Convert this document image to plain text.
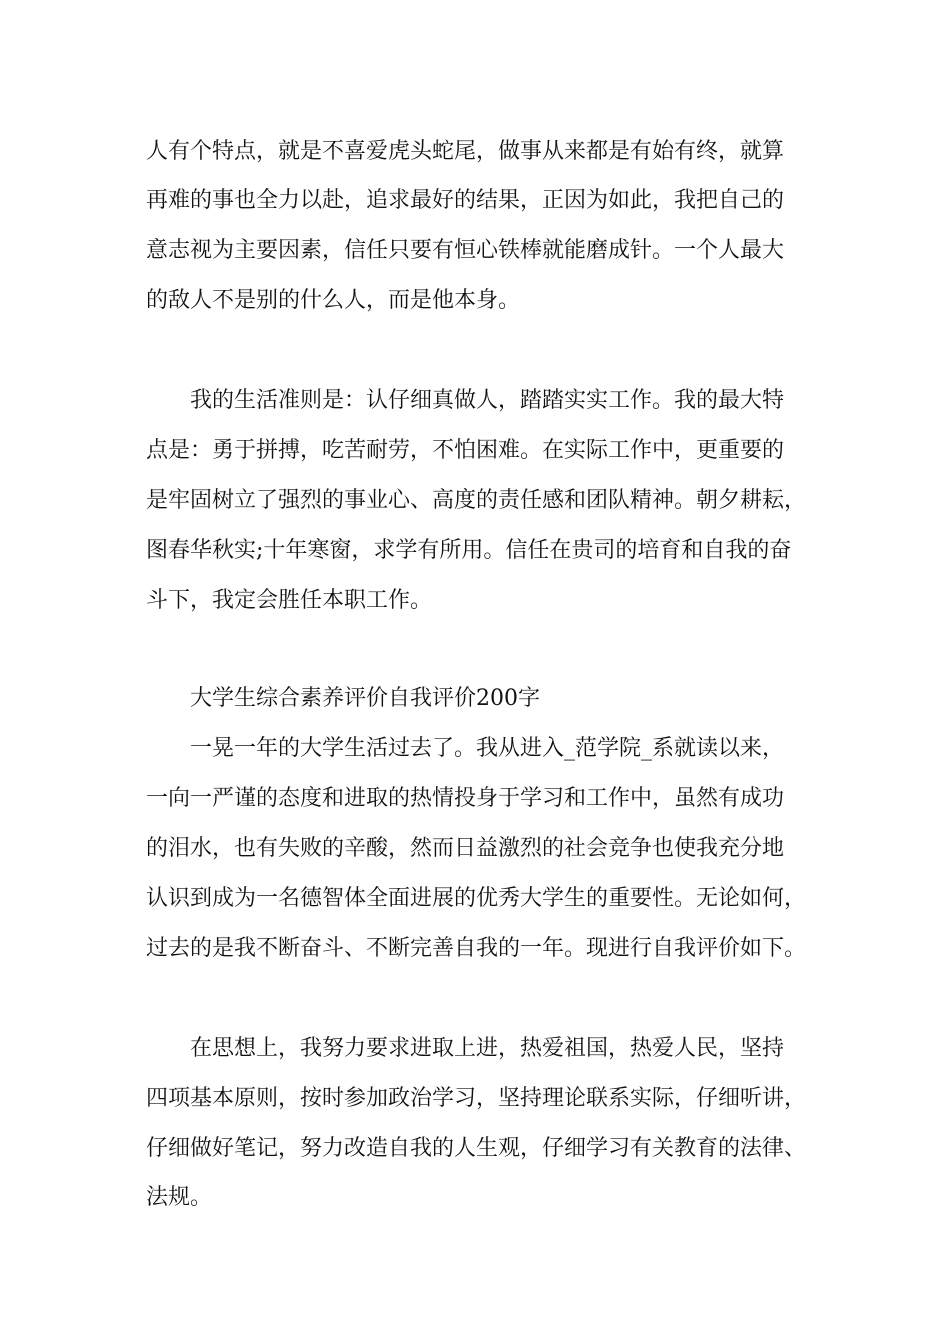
人有个特点，就是不喜爱虎头蛇尾，做事从来都是有始有终，就算
再难的事也全力以赴，追求最好的结果，正因为如此，我把自己的
意志视为主要因素，信任只要有恒心铁棒就能磨成针。一个人最大
的敌人不是别的什么人，而是他本身。
我的生活准则是：认仔细真做人，踏踏实实工作。我的最大特
点是：勇于拼搏，吃苦耐劳，不怕困难。在实际工作中，更重要的
是牢固树立了强烈的事业心、高度的责任感和团队精神。朝夕耕耘，
图春华秋实;十年寒窗，求学有所用。信任在贵司的培育和自我的奋
斗下，我定会胜任本职工作。
大学生综合素养评价自我评价200字
一晃一年的大学生活过去了。我从进入_范学院_系就读以来，
一向一严谨的态度和进取的热情投身于学习和工作中，虽然有成功
的泪水，也有失败的辛酸，然而日益激烈的社会竞争也使我充分地
认识到成为一名德智体全面进展的优秀大学生的重要性。无论如何，
过去的是我不断奋斗、不断完善自我的一年。现进行自我评价如下。
在思想上，我努力要求进取上进，热爱祖国，热爱人民，坚持
四项基本原则，按时参加政治学习，坚持理论联系实际，仔细听讲，
仔细做好笔记，努力改造自我的人生观，仔细学习有关教育的法律、
法规。
